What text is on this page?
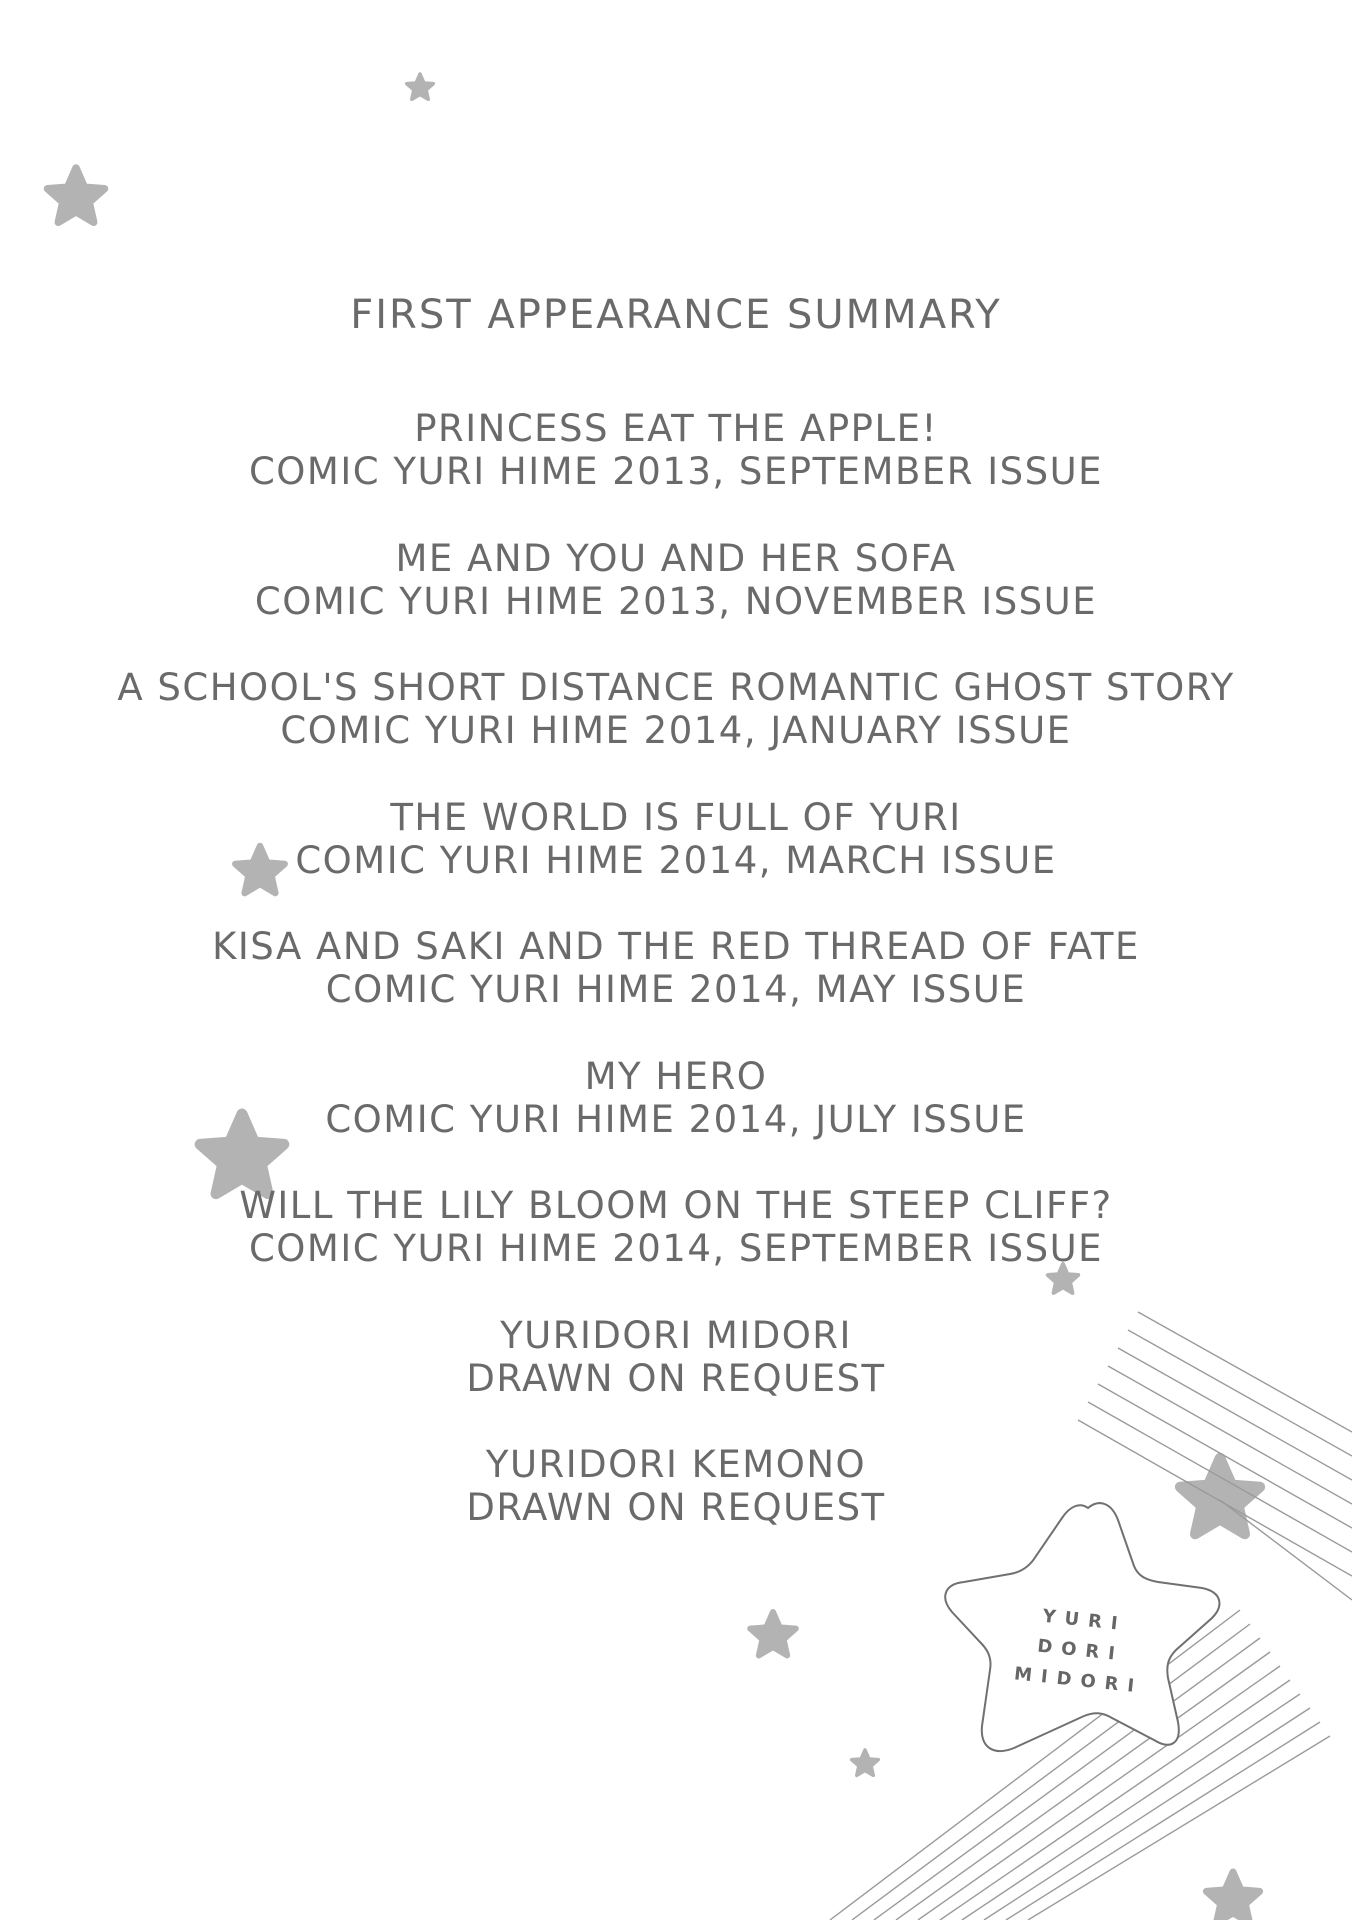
YURI
DORI
MIDORI
FIRST APPEARANCE SUMMARY
PRINCESS EAT THE APPLE!
COMIC YURI HIME 2013, SEPTEMBER ISSUE
ME AND YOU AND HER SOFA
COMIC YURI HIME 2013, NOVEMBER ISSUE
A SCHOOL'S SHORT DISTANCE ROMANTIC GHOST STORY
COMIC YURI HIME 2014, JANUARY ISSUE
THE WORLD IS FULL OF YURI
COMIC YURI HIME 2014, MARCH ISSUE
KISA AND SAKI AND THE RED THREAD OF FATE
COMIC YURI HIME 2014, MAY ISSUE
MY HERO
COMIC YURI HIME 2014, JULY ISSUE
WILL THE LILY BLOOM ON THE STEEP CLIFF?
COMIC YURI HIME 2014, SEPTEMBER ISSUE
YURIDORI MIDORI
DRAWN ON REQUEST
YURIDORI KEMONO
DRAWN ON REQUEST
